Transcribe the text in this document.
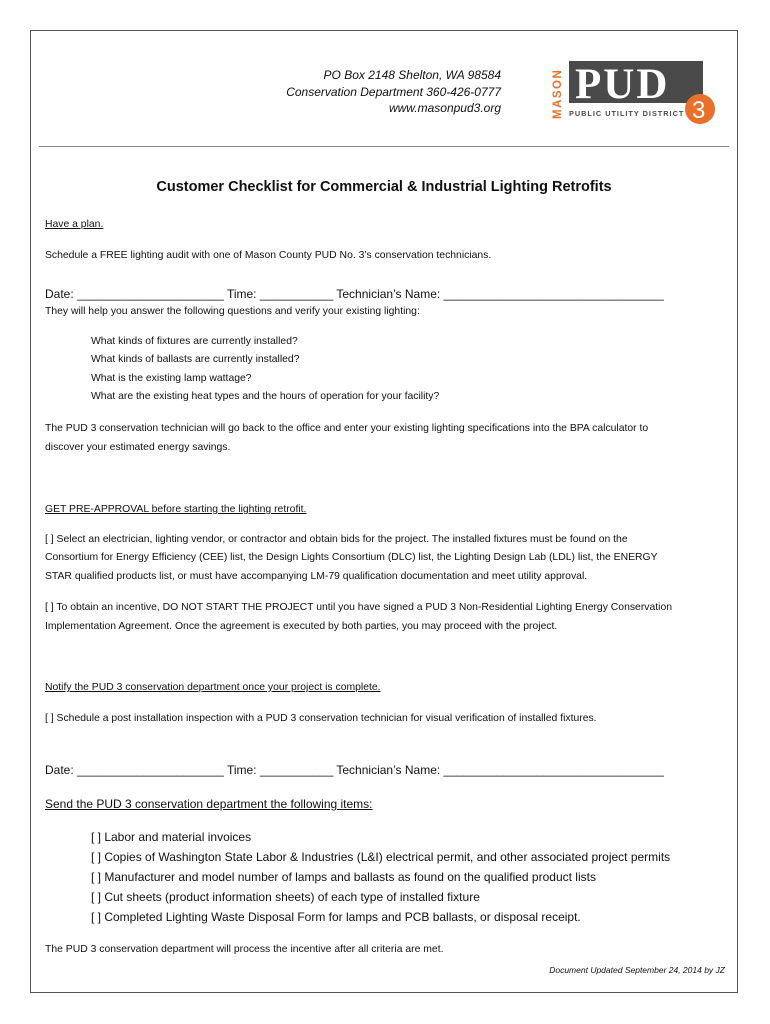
PO Box 2148 Shelton, WA 98584
Conservation Department 360-426-0777
www.masonpud3.org	MASON PUD
3
PUBLIC UTILITY DISTRICT
Customer Checklist for Commercial & Industrial Lighting Retrofits
Have a plan.
Schedule a FREE lighting audit with one of Mason County PUD No. 3’s conservation technicians.
Date: ______________________ Time: ___________ Technician’s Name: _________________________________
They will help you answer the following questions and verify your existing lighting:
What kinds of fixtures are currently installed?
What kinds of ballasts are currently installed?
What is the existing lamp wattage?
What are the existing heat types and the hours of operation for your facility?
The PUD 3 conservation technician will go back to the office and enter your existing lighting specifications into the BPA calculator to
discover your estimated energy savings.
GET PRE-APPROVAL before starting the lighting retrofit.
[ ] Select an electrician, lighting vendor, or contractor and obtain bids for the project. The installed fixtures must be found on the
Consortium for Energy Efficiency (CEE) list, the Design Lights Consortium (DLC) list, the Lighting Design Lab (LDL) list, the ENERGY
STAR qualified products list, or must have accompanying LM-79 qualification documentation and meet utility approval.
[ ] To obtain an incentive, DO NOT START THE PROJECT until you have signed a PUD 3 Non-Residential Lighting Energy Conservation
Implementation Agreement. Once the agreement is executed by both parties, you may proceed with the project.
Notify the PUD 3 conservation department once your project is complete.
[ ] Schedule a post installation inspection with a PUD 3 conservation technician for visual verification of installed fixtures.
Date: ______________________ Time: ___________ Technician’s Name: _________________________________
Send the PUD 3 conservation department the following items:
[ ] Labor and material invoices
[ ] Copies of Washington State Labor & Industries (L&I) electrical permit, and other associated project permits
[ ] Manufacturer and model number of lamps and ballasts as found on the qualified product lists
[ ] Cut sheets (product information sheets) of each type of installed fixture
[ ] Completed Lighting Waste Disposal Form for lamps and PCB ballasts, or disposal receipt.
The PUD 3 conservation department will process the incentive after all criteria are met.
Document Updated September 24, 2014 by JZ
